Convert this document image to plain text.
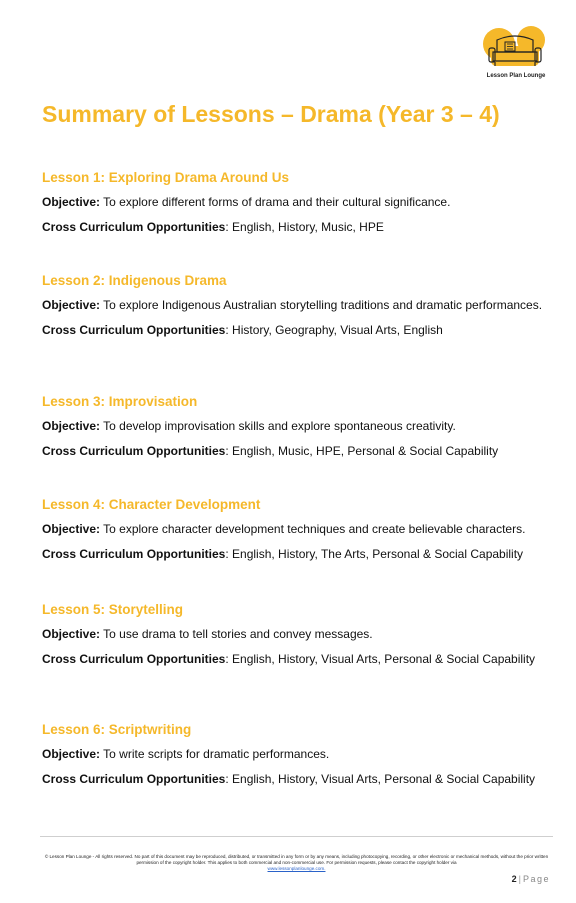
Lesson Plan Lounge
Summary of Lessons – Drama (Year 3 – 4)
Lesson 1: Exploring Drama Around Us

Objective: To explore different forms of drama and their cultural significance.

Cross Curriculum Opportunities: English, History, Music, HPE

Lesson 2: Indigenous Drama

Objective: To explore Indigenous Australian storytelling traditions and dramatic performances.

Cross Curriculum Opportunities: History, Geography, Visual Arts, English

Lesson 3: Improvisation

Objective: To develop improvisation skills and explore spontaneous creativity.

Cross Curriculum Opportunities: English, Music, HPE, Personal & Social Capability

Lesson 4: Character Development

Objective: To explore character development techniques and create believable characters.

Cross Curriculum Opportunities: English, History, The Arts, Personal & Social Capability

Lesson 5: Storytelling

Objective: To use drama to tell stories and convey messages.

Cross Curriculum Opportunities: English, History, Visual Arts, Personal & Social Capability

Lesson 6: Scriptwriting

Objective: To write scripts for dramatic performances.

Cross Curriculum Opportunities: English, History, Visual Arts, Personal & Social Capability

© Lesson Plan Lounge - All rights reserved. No part of this document may be reproduced, distributed, or transmitted in any form or by any means, including photocopying, recording, or other electronic or mechanical methods, without the prior written permission of the copyright holder. This applies to both commercial and non-commercial use. For permission requests, please contact the copyright holder via
www.lessonplanlounge.com.
2 | Page
